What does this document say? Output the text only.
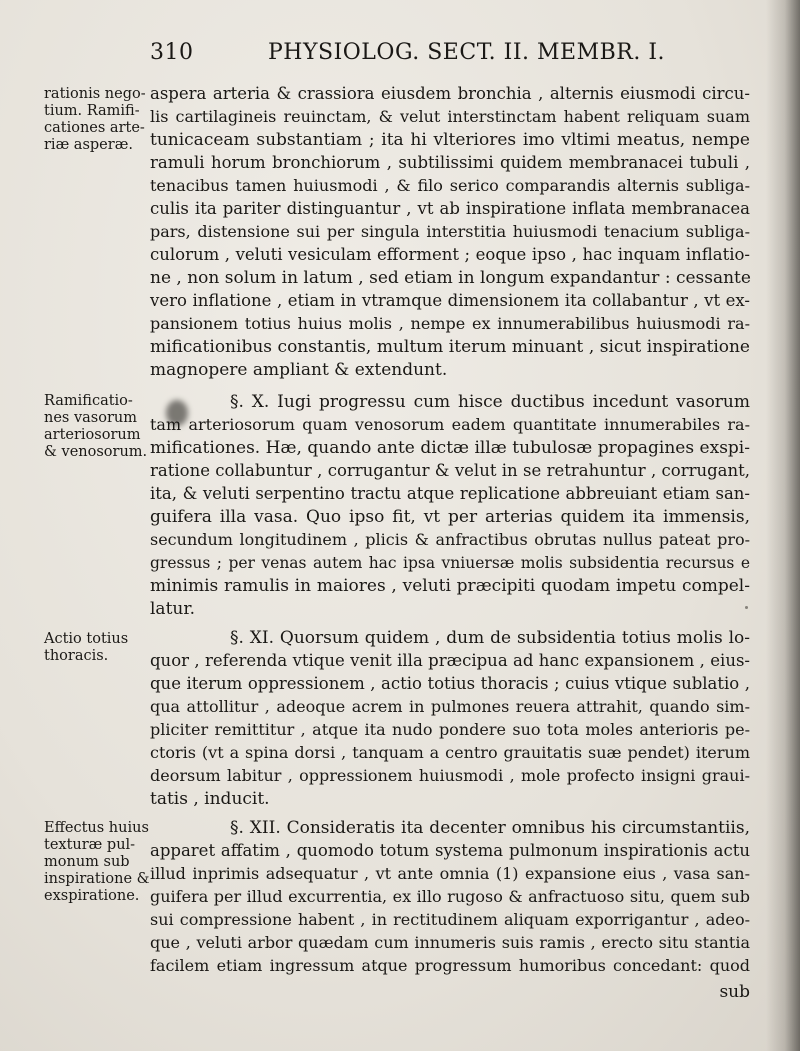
310	PHYSIOLOG. SECT. II. MEMBR. I.
rationis nego-
tium. Ramifi-
cationes arte-
riæ asperæ.
Ramificatio-
nes vasorum
arteriosorum
& venosorum.
Actio totius
thoracis.
Effectus huius
texturæ pul-
monum sub
inspiratione &
exspiratione.
aspera arteria & crassiora eiusdem bronchia , alternis eiusmodi circu-
lis cartilagineis reuinctam, & velut interstinctam habent reliquam suam
tunicaceam substantiam ; ita hi vlteriores imo vltimi meatus, nempe
ramuli horum bronchiorum , subtilissimi quidem membranacei tubuli ,
tenacibus tamen huiusmodi , & filo serico comparandis alternis subliga-
culis ita pariter distinguantur , vt ab inspiratione inflata membranacea
pars, distensione sui per singula interstitia huiusmodi tenacium subliga-
culorum , veluti vesiculam efforment ; eoque ipso , hac inquam inflatio-
ne , non solum in latum , sed etiam in longum expandantur : cessante
vero inflatione , etiam in vtramque dimensionem ita collabantur , vt ex-
pansionem totius huius molis , nempe ex innumerabilibus huiusmodi ra-
mificationibus constantis, multum iterum minuant , sicut inspiratione
magnopere ampliant & extendunt.
§. X. Iugi progressu cum hisce ductibus incedunt vasorum
tam arteriosorum quam venosorum eadem quantitate innumerabiles ra-
mificationes. Hæ, quando ante dictæ illæ tubulosæ propagines exspi-
ratione collabuntur , corrugantur & velut in se retrahuntur , corrugant,
ita, & veluti serpentino tractu atque replicatione abbreuiant etiam san-
guifera illa vasa. Quo ipso fit, vt per arterias quidem ita immensis,
secundum longitudinem , plicis & anfractibus obrutas nullus pateat pro-
gressus ; per venas autem hac ipsa vniuersæ molis subsidentia recursus e
minimis ramulis in maiores , veluti præcipiti quodam impetu compel-
latur.
§. XI. Quorsum quidem , dum de subsidentia totius molis lo-
quor , referenda vtique venit illa præcipua ad hanc expansionem , eius-
que iterum oppressionem , actio totius thoracis ; cuius vtique sublatio ,
qua attollitur , adeoque acrem in pulmones reuera attrahit, quando sim-
pliciter remittitur , atque ita nudo pondere suo tota moles anterioris pe-
ctoris (vt a spina dorsi , tanquam a centro grauitatis suæ pendet) iterum
deorsum labitur , oppressionem huiusmodi , mole profecto insigni graui-
tatis , inducit.
§. XII. Consideratis ita decenter omnibus his circumstantiis,
apparet affatim , quomodo totum systema pulmonum inspirationis actu
illud inprimis adsequatur , vt ante omnia (1) expansione eius , vasa san-
guifera per illud excurrentia, ex illo rugoso & anfractuoso situ, quem sub
sui compressione habent , in rectitudinem aliquam exporrigantur , adeo-
que , veluti arbor quædam cum innumeris suis ramis , erecto situ stantia
facilem etiam ingressum atque progressum humoribus concedant: quod
sub
